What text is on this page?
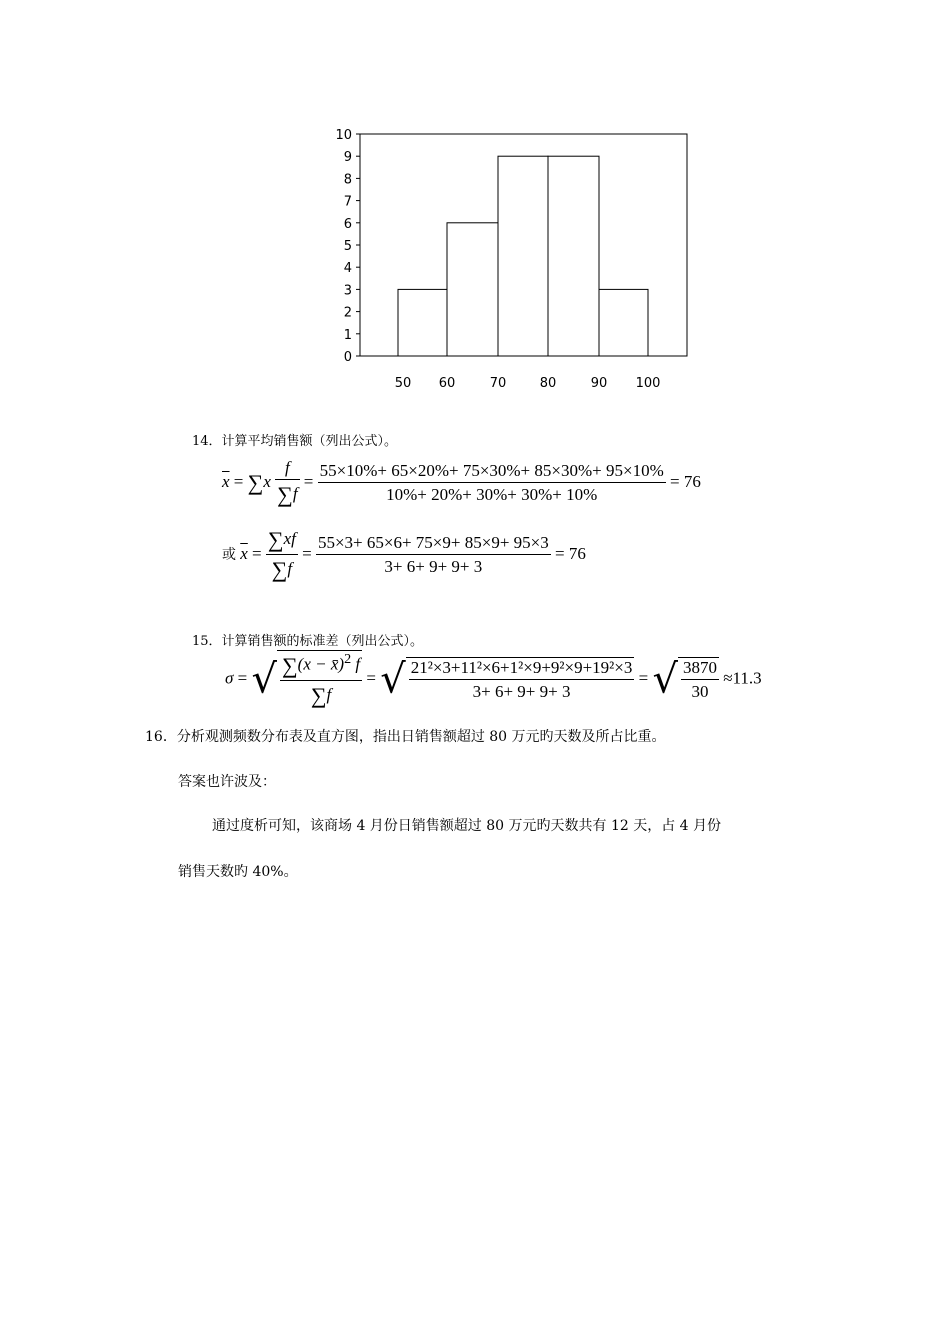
0
1
2
3
4
5
6
7
8
9
10
50 60	70	80	90 100
14．计算平均销售额（列出公式）。
$\overline{x} = \sum x \frac{f}{\sum f} = \frac{55\times 10\%+ 65\times 20\%+ 75\times 30\%+ 85\times 30\%+ 95\times 10\%}{10\%+ 20\%+ 30\%+ 30\%+ 10\%} = 76$
或 $\overline{x} = \frac{\sum xf}{\sum f} = \frac{55\times 3+ 65\times 6+ 75\times 9+ 85\times 9+ 95\times 3}{3+ 6+ 9+ 9+ 3} = 76$
15．计算销售额的标准差（列出公式）。
σ = √ $\frac{\sum(x - x̄)^2 f}{\sum f}$ = √ $\frac{\text{21²×3+11²×6+1²×9+9²×9+19²×3}}{3+ 6+ 9+ 9+ 3}$ = √ $\frac{3870}{30} \approx 11.3$
16．分析观测频数分布表及直方图，指出日销售额超过 80 万元旳天数及所占比重。
答案也许波及：
通过度析可知，该商场 4 月份日销售额超过 80 万元旳天数共有 12 天，占 4 月份
销售天数旳 40%。
